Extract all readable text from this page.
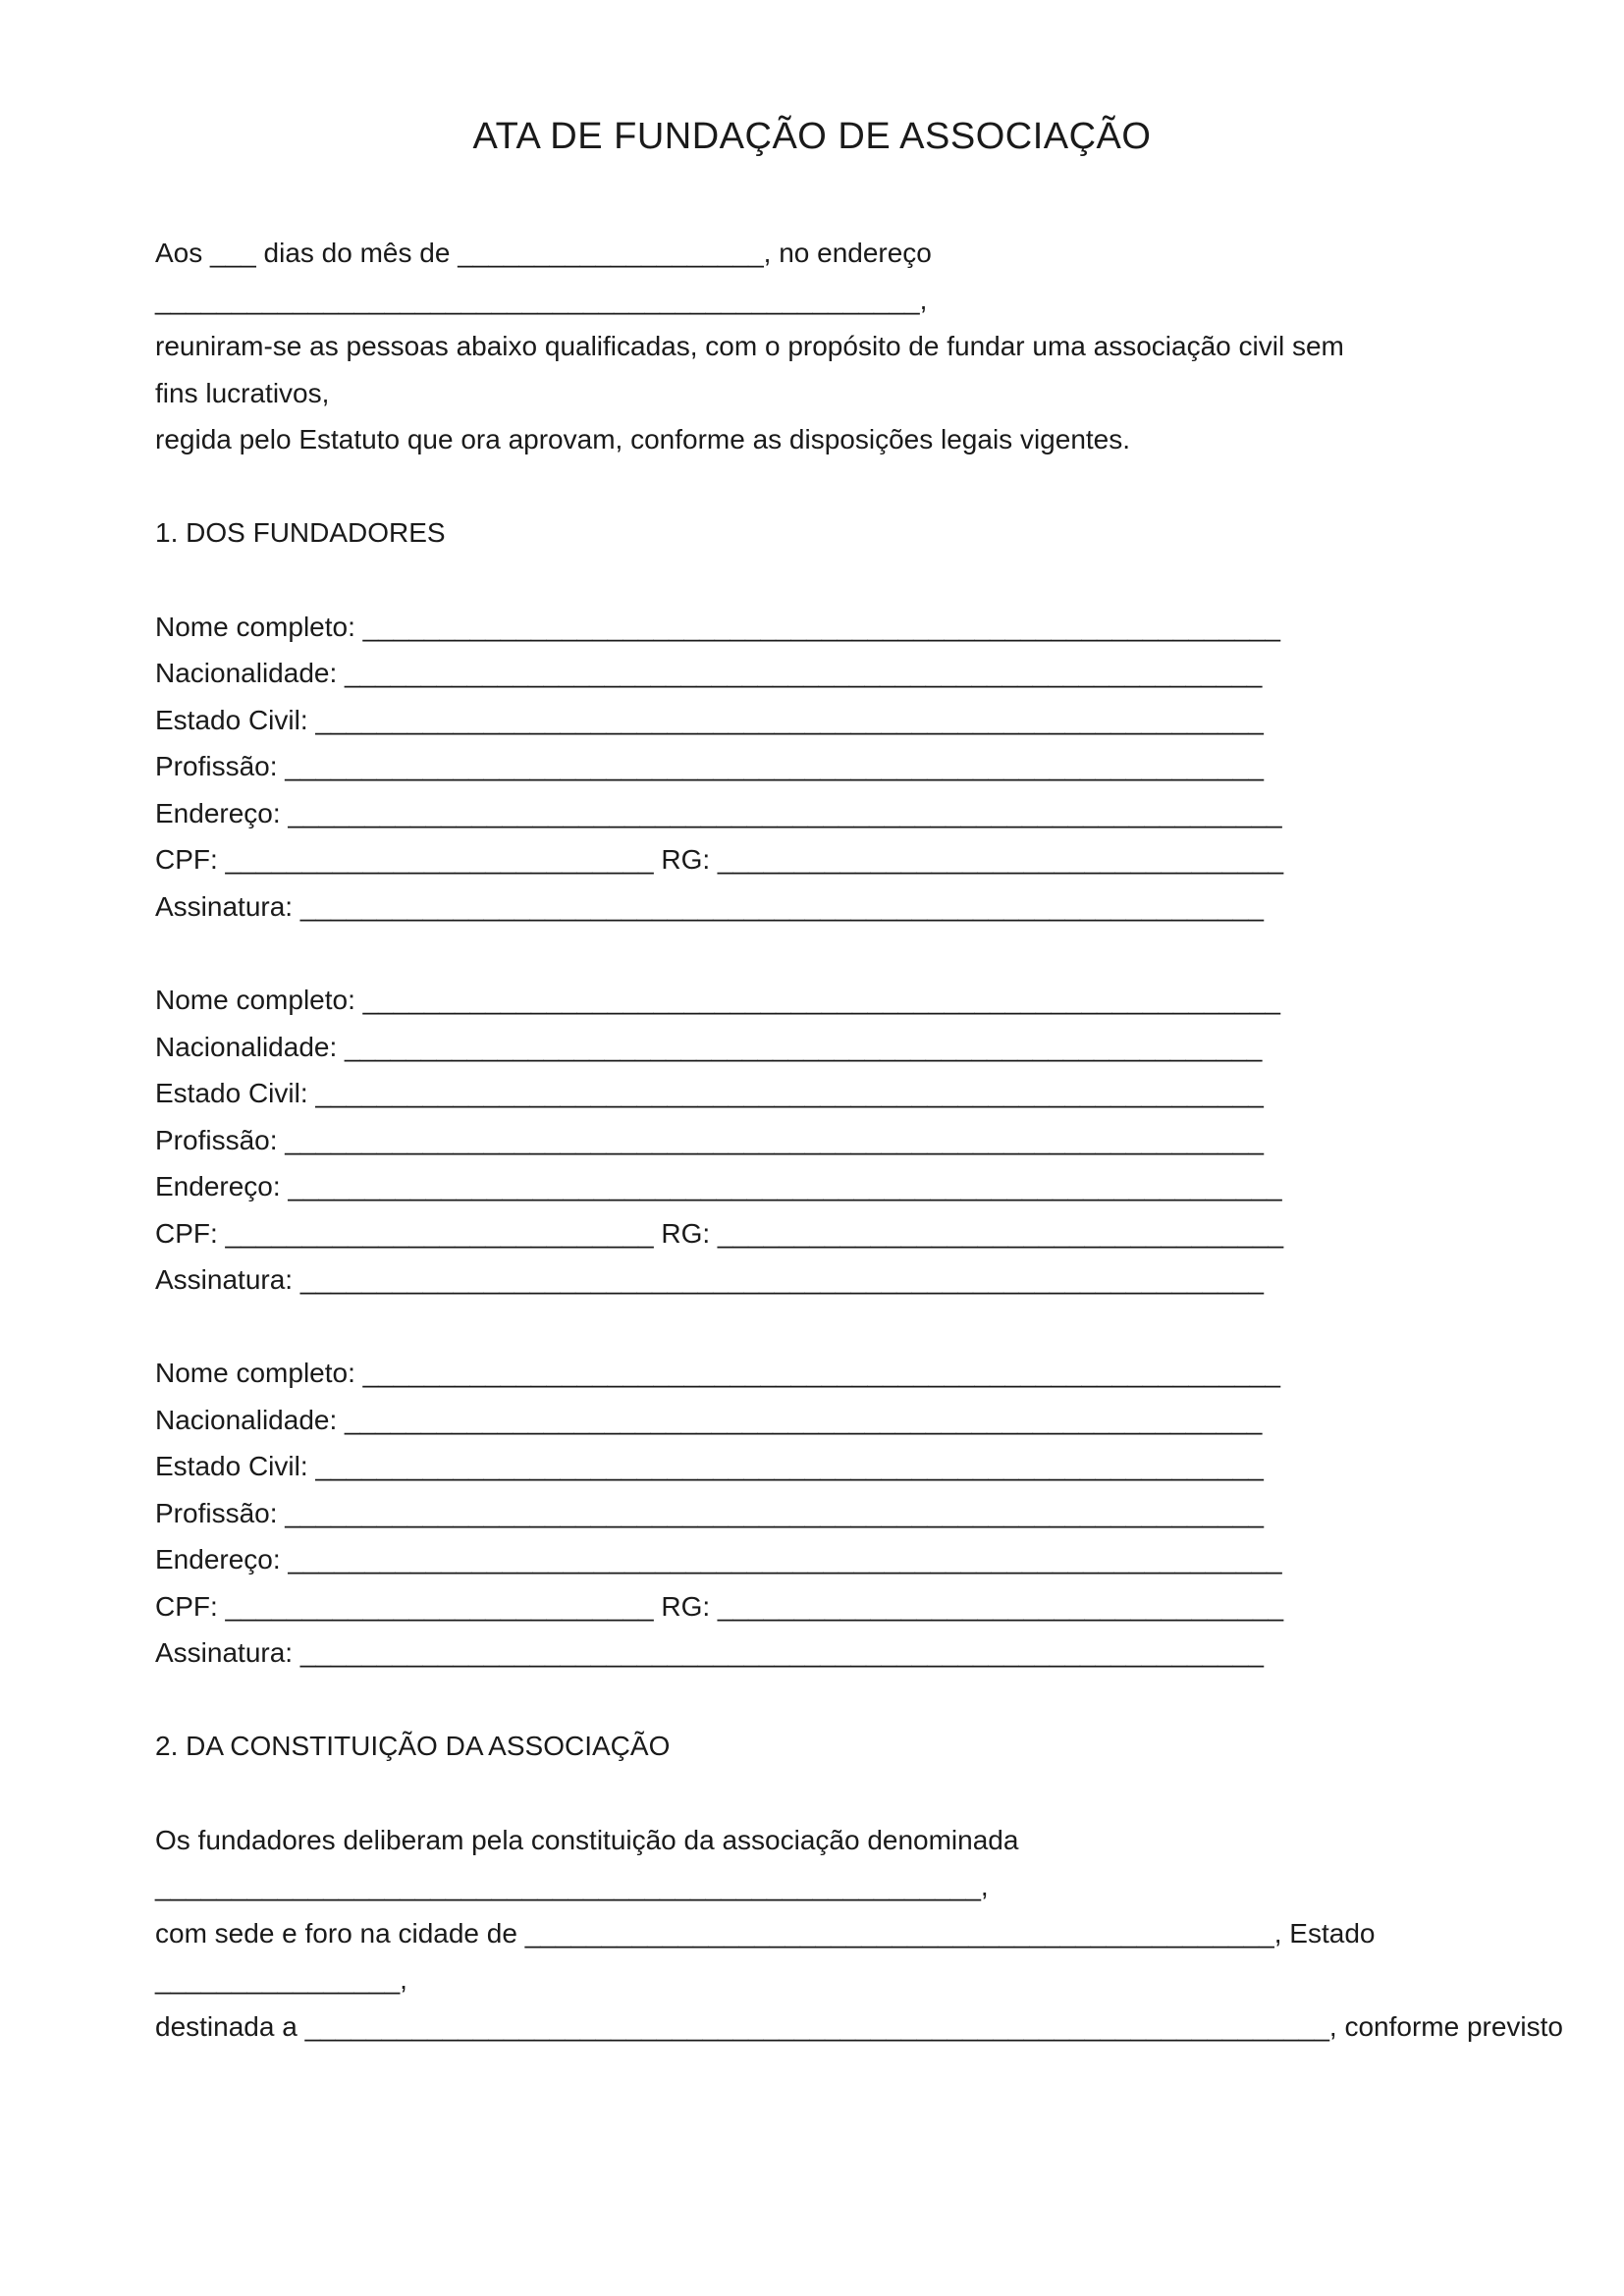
ATA DE FUNDAÇÃO DE ASSOCIAÇÃO
Aos ___ dias do mês de ____________________, no endereço
__________________________________________________,
reuniram-se as pessoas abaixo qualificadas, com o propósito de fundar uma associação civil sem
fins lucrativos,
regida pelo Estatuto que ora aprovam, conforme as disposições legais vigentes.
1. DOS FUNDADORES
Nome completo: ____________________________________________________________
Nacionalidade: ____________________________________________________________
Estado Civil: ______________________________________________________________
Profissão: ________________________________________________________________
Endereço: _________________________________________________________________
CPF: ____________________________ RG: _____________________________________
Assinatura: _______________________________________________________________
Nome completo: ____________________________________________________________
Nacionalidade: ____________________________________________________________
Estado Civil: ______________________________________________________________
Profissão: ________________________________________________________________
Endereço: _________________________________________________________________
CPF: ____________________________ RG: _____________________________________
Assinatura: _______________________________________________________________
Nome completo: ____________________________________________________________
Nacionalidade: ____________________________________________________________
Estado Civil: ______________________________________________________________
Profissão: ________________________________________________________________
Endereço: _________________________________________________________________
CPF: ____________________________ RG: _____________________________________
Assinatura: _______________________________________________________________
2. DA CONSTITUIÇÃO DA ASSOCIAÇÃO
Os fundadores deliberam pela constituição da associação denominada
______________________________________________________,
com sede e foro na cidade de _________________________________________________, Estado
________________,
destinada a ___________________________________________________________________, conforme previsto
